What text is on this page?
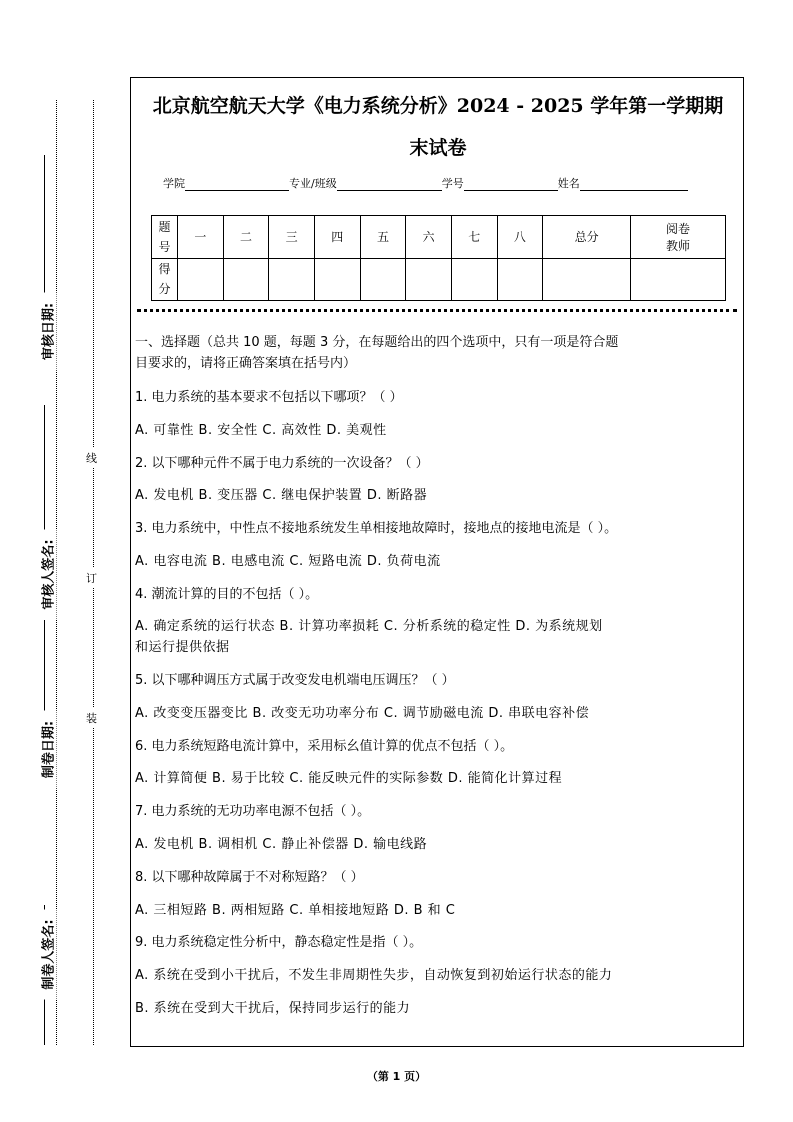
审核日期:
审核人签名:
制卷日期:
制卷人签名:
线
订
装
北京航空航天大学《电力系统分析》2024 - 2025 学年第一学期期
末试卷
学院	专业/班级	学号	姓名
题
号	一	二	三	四	五	六	七	八	总分	阅卷
教师
得
分										

一、选择题（总共 10 题，每题 3 分，在每题给出的四个选项中，只有一项是符合题

目要求的，请将正确答案填在括号内）

1. 电力系统的基本要求不包括以下哪项？（ ）

A. 可靠性 B. 安全性 C. 高效性 D. 美观性

2. 以下哪种元件不属于电力系统的一次设备？（ ）

A. 发电机 B. 变压器 C. 继电保护装置 D. 断路器

3. 电力系统中，中性点不接地系统发生单相接地故障时，接地点的接地电流是（ ）。

A. 电容电流 B. 电感电流 C. 短路电流 D. 负荷电流

4. 潮流计算的目的不包括（ ）。

A. 确定系统的运行状态 B. 计算功率损耗 C. 分析系统的稳定性 D. 为系统规划

和运行提供依据

5. 以下哪种调压方式属于改变发电机端电压调压？（ ）

A. 改变变压器变比 B. 改变无功功率分布 C. 调节励磁电流 D. 串联电容补偿

6. 电力系统短路电流计算中，采用标幺值计算的优点不包括（ ）。

A. 计算简便 B. 易于比较 C. 能反映元件的实际参数 D. 能简化计算过程

7. 电力系统的无功功率电源不包括（ ）。

A. 发电机 B. 调相机 C. 静止补偿器 D. 输电线路

8. 以下哪种故障属于不对称短路？（ ）

A. 三相短路 B. 两相短路 C. 单相接地短路 D. B 和 C

9. 电力系统稳定性分析中，静态稳定性是指（ ）。

A. 系统在受到小干扰后，不发生非周期性失步，自动恢复到初始运行状态的能力

B. 系统在受到大干扰后，保持同步运行的能力

（第 1 页）
